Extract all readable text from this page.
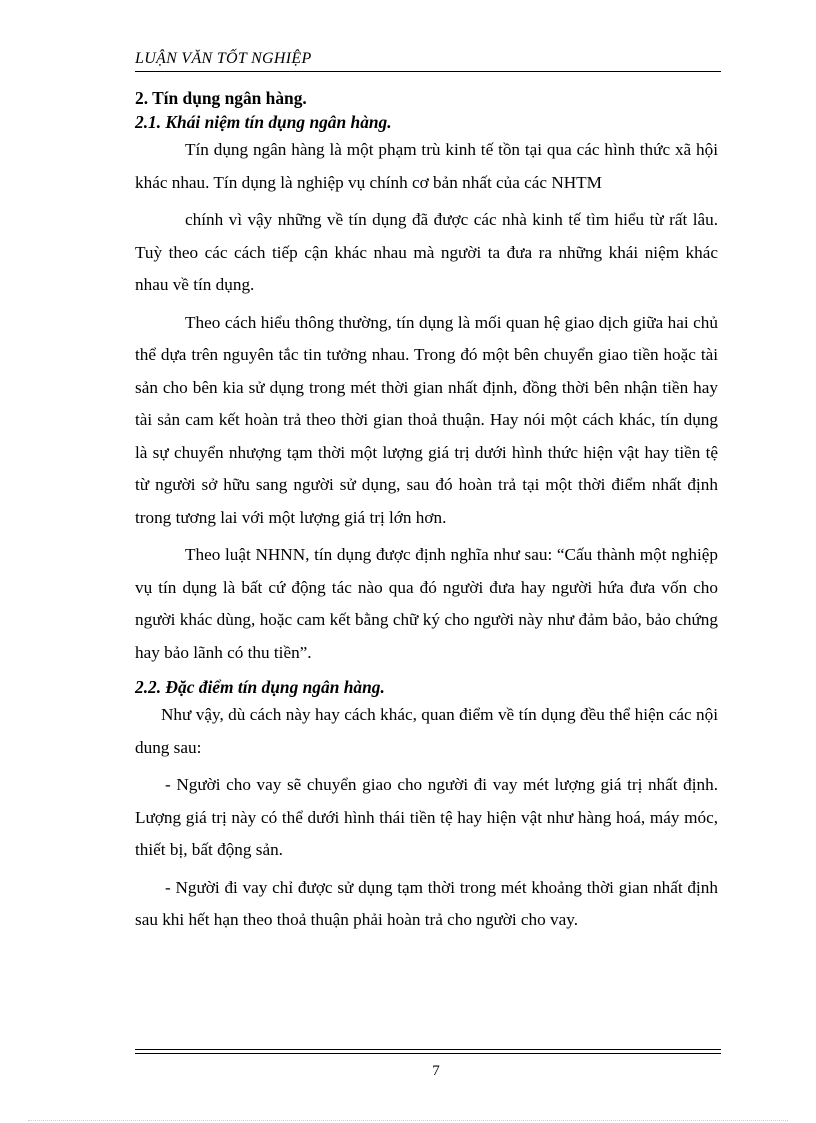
LUẬN VĂN TỐT NGHIỆP

2. Tín dụng ngân hàng.

2.1. Khái niệm tín dụng ngân hàng.

Tín dụng ngân hàng là một phạm trù kinh tế tồn tại qua các hình thức xã hội khác nhau. Tín dụng là nghiệp vụ chính cơ bản nhất của các NHTM

chính vì vậy những về tín dụng đã được các nhà kinh tế tìm hiểu từ rất lâu. Tuỳ theo các cách tiếp cận khác nhau mà người ta đưa ra những khái niệm khác nhau về tín dụng.

Theo cách hiểu thông thường, tín dụng là mối quan hệ giao dịch giữa hai chủ thể dựa trên nguyên tắc tin tưởng nhau. Trong đó một bên chuyển giao tiền hoặc tài sản cho bên kia sử dụng trong mét thời gian nhất định, đồng thời bên nhận tiền hay tài sản cam kết hoàn trả theo thời gian thoả thuận. Hay nói một cách khác, tín dụng là sự chuyển nhượng tạm thời một lượng giá trị dưới hình thức hiện vật hay tiền tệ từ người sở hữu sang người sử dụng, sau đó hoàn trả tại một thời điểm nhất định trong tương lai với một lượng giá trị lớn hơn.

Theo luật NHNN, tín dụng được định nghĩa như sau: “Cấu thành một nghiệp vụ tín dụng là bất cứ động tác nào qua đó người đưa hay người hứa đưa vốn cho người khác dùng, hoặc cam kết bằng chữ ký cho người này như đảm bảo, bảo chứng hay bảo lãnh có thu tiền”.

2.2. Đặc điểm tín dụng ngân hàng.

Như vậy, dù cách này hay cách khác, quan điểm về tín dụng đều thể hiện các nội dung sau:

- Người cho vay sẽ chuyển giao cho người đi vay mét lượng giá trị nhất định. Lượng giá trị này có thể dưới hình thái tiền tệ hay hiện vật như hàng hoá, máy móc, thiết bị, bất động sản.

- Người đi vay chỉ được sử dụng tạm thời trong mét khoảng thời gian nhất định sau khi hết hạn theo thoả thuận phải hoàn trả cho người cho vay.

7
